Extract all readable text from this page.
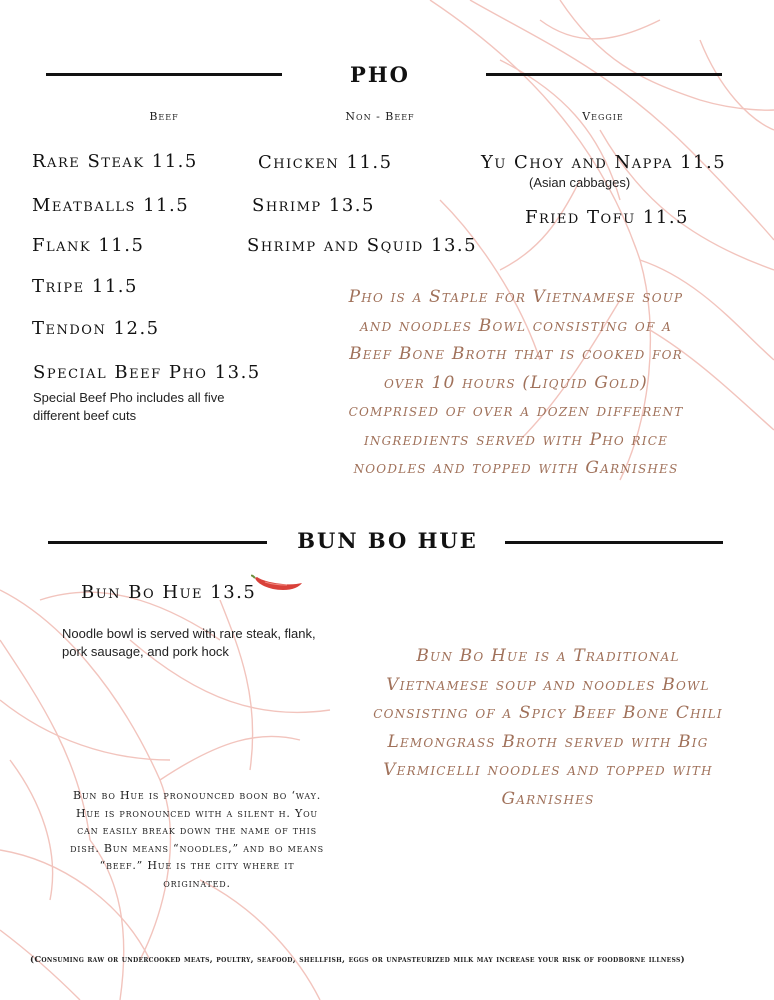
PHO
Beef	Non - Beef	Veggie
Rare Steak 11.5
Meatballs 11.5
Flank 11.5
Tripe 11.5
Tendon 12.5
Special Beef Pho 13.5
Special Beef Pho includes all five different beef cuts
Chicken 11.5
Shrimp 13.5
Shrimp and Squid 13.5
Yu Choy and Nappa 11.5
(Asian cabbages)
Fried Tofu 11.5
Pho is a Staple for Vietnamese soup
and noodles Bowl consisting of a
Beef Bone Broth that is cooked for
over 10 hours (Liquid Gold)
comprised of over a dozen different
ingredients served with Pho rice
noodles and topped with Garnishes
BUN BO HUE
Bun Bo Hue 13.5
Noodle bowl is served with rare steak, flank, pork sausage, and pork hock	Bun Bo Hue is a Traditional
Vietnamese soup and noodles Bowl
consisting of a Spicy Beef Bone Chili
Lemongrass Broth served with Big
Vermicelli noodles and topped with
Garnishes
Bun bo Hue is pronounced boon bo ‘way.
Hue is pronounced with a silent h. You
can easily break down the name of this
dish. Bun means “noodles,” and bo means
“beef.” Hue is the city where it
originated.
(Consuming raw or undercooked meats, poultry, seafood, shellfish, eggs or unpasteurized milk may increase your risk of foodborne illness)
